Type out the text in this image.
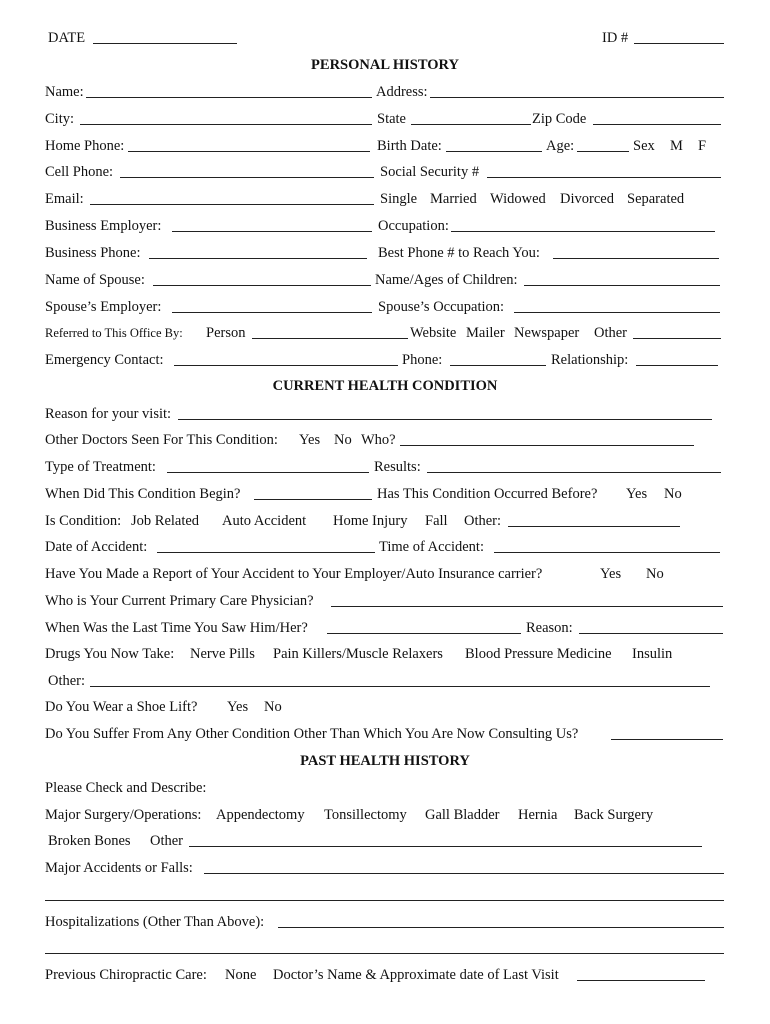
DATE	ID #
PERSONAL HISTORY
Name:	Address:
City:	State	Zip Code
Home Phone:	Birth Date:	Age:	Sex M F
Cell Phone:	Social Security #
Email:	Single Married Widowed Divorced Separated
Business Employer:	Occupation:
Business Phone:	Best Phone # to Reach You:
Name of Spouse:	Name/Ages of Children:
Spouse’s Employer:	Spouse’s Occupation:
Referred to This Office By: Person	Website Mailer Newspaper Other
Emergency Contact:	Phone:	Relationship:
CURRENT HEALTH CONDITION
Reason for your visit:
Other Doctors Seen For This Condition: Yes No Who?
Type of Treatment:	Results:
When Did This Condition Begin?	Has This Condition Occurred Before? Yes No
Is Condition: Job Related Auto Accident Home Injury Fall Other:
Date of Accident:	Time of Accident:
Have You Made a Report of Your Accident to Your Employer/Auto Insurance carrier?	Yes No
Who is Your Current Primary Care Physician?
When Was the Last Time You Saw Him/Her?	Reason:
Drugs You Now Take: Nerve Pills Pain Killers/Muscle Relaxers Blood Pressure Medicine Insulin
Other:
Do You Wear a Shoe Lift? Yes No
Do You Suffer From Any Other Condition Other Than Which You Are Now Consulting Us?
PAST HEALTH HISTORY
Please Check and Describe:
Major Surgery/Operations: Appendectomy Tonsillectomy Gall Bladder Hernia Back Surgery
Broken Bones Other
Major Accidents or Falls:
Hospitalizations (Other Than Above):
Previous Chiropractic Care: None Doctor’s Name & Approximate date of Last Visit
